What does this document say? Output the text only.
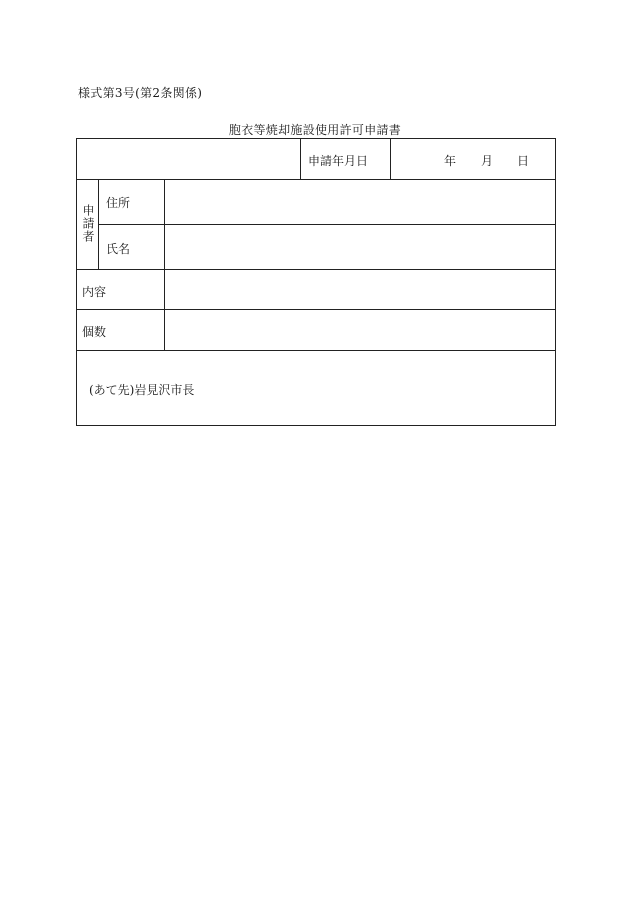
様式第3号(第2条関係)
胞衣等焼却施設使用許可申請書
申請年月日	年 月 日
申請者
住所
氏名
内容
個数
(あて先)岩見沢市長
